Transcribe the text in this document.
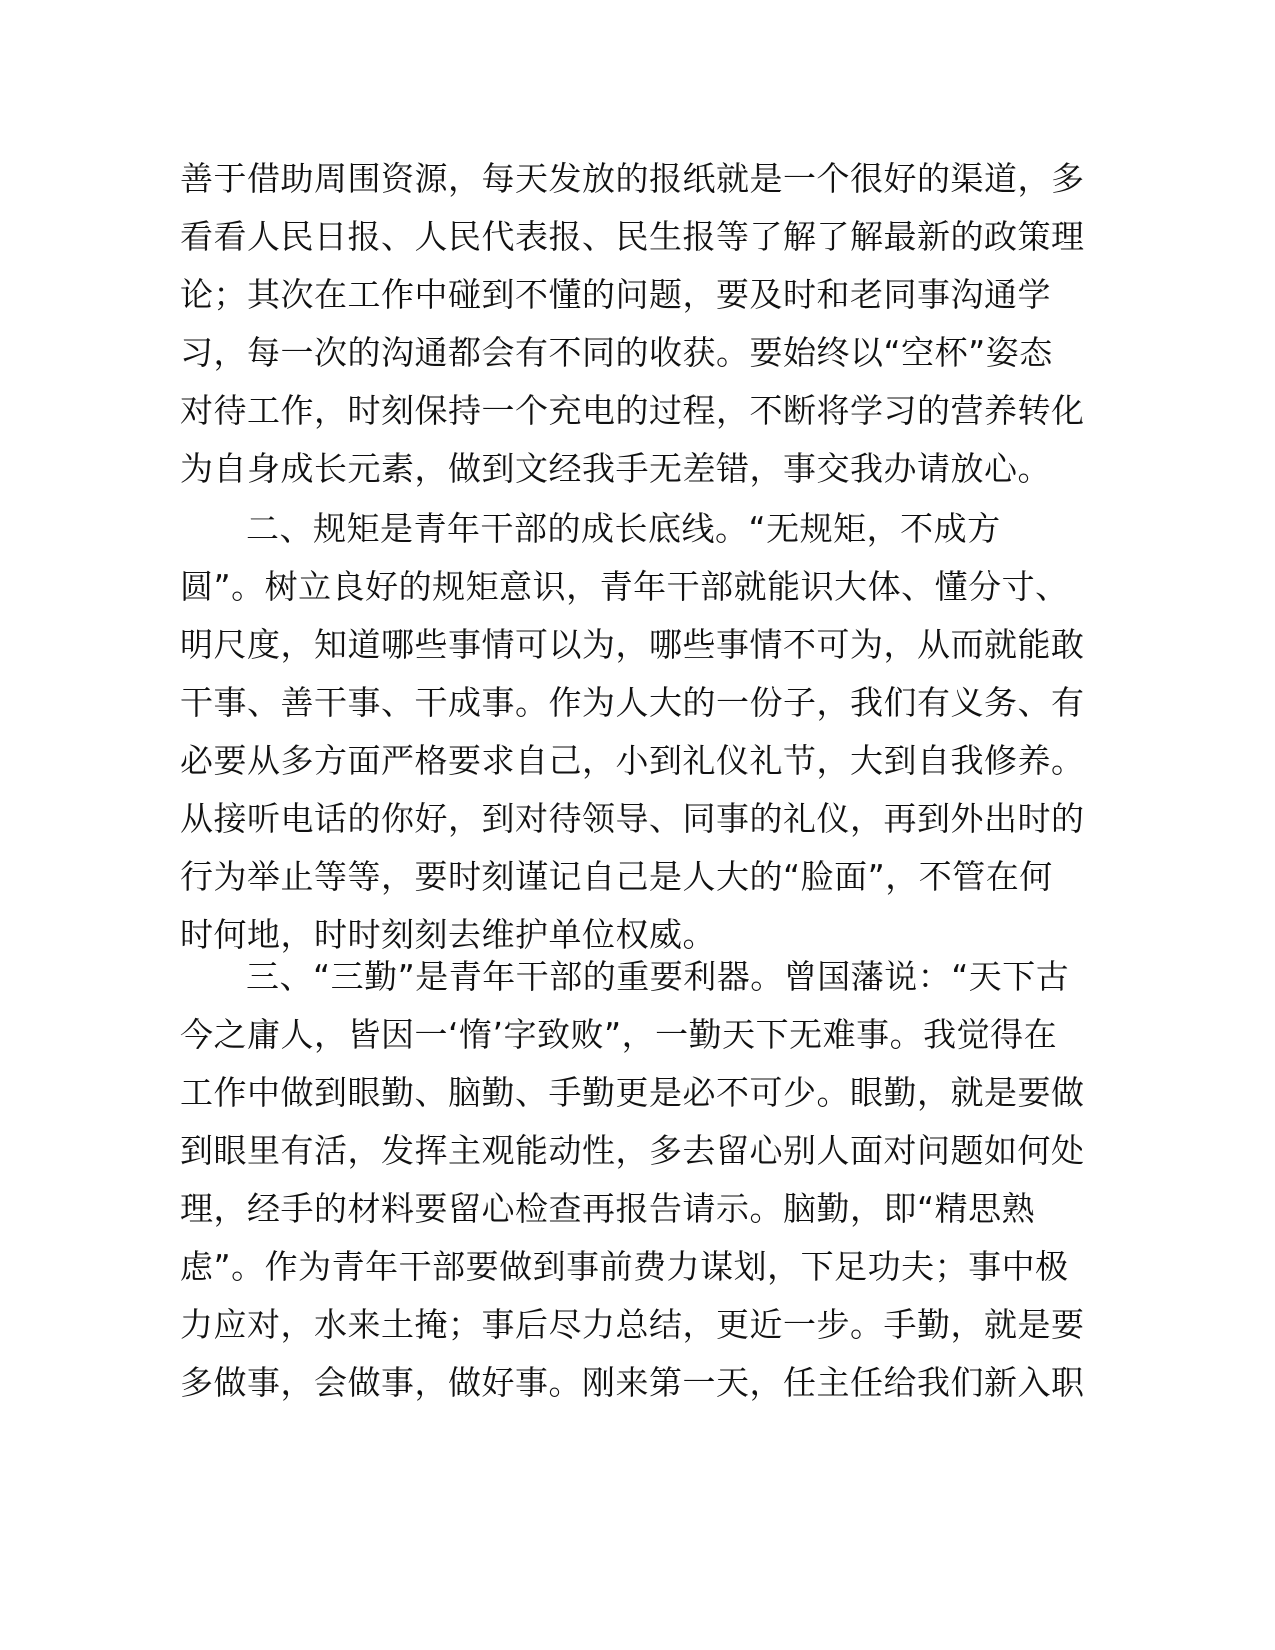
善于借助周围资源，每天发放的报纸就是一个很好的渠道，多
看看人民日报、人民代表报、民生报等了解了解最新的政策理
论；其次在工作中碰到不懂的问题，要及时和老同事沟通学
习，每一次的沟通都会有不同的收获。要始终以“空杯”姿态
对待工作，时刻保持一个充电的过程，不断将学习的营养转化
为自身成长元素，做到文经我手无差错，事交我办请放心。
二、规矩是青年干部的成长底线。“无规矩，不成方
圆”。树立良好的规矩意识，青年干部就能识大体、懂分寸、
明尺度，知道哪些事情可以为，哪些事情不可为，从而就能敢
干事、善干事、干成事。作为人大的一份子，我们有义务、有
必要从多方面严格要求自己，小到礼仪礼节，大到自我修养。
从接听电话的你好，到对待领导、同事的礼仪，再到外出时的
行为举止等等，要时刻谨记自己是人大的“脸面”，不管在何
时何地，时时刻刻去维护单位权威。
三、“三勤”是青年干部的重要利器。曾国藩说：“天下古
今之庸人，皆因一‘惰’字致败”，一勤天下无难事。我觉得在
工作中做到眼勤、脑勤、手勤更是必不可少。眼勤，就是要做
到眼里有活，发挥主观能动性，多去留心别人面对问题如何处
理，经手的材料要留心检查再报告请示。脑勤，即“精思熟
虑”。作为青年干部要做到事前费力谋划，下足功夫；事中极
力应对，水来土掩；事后尽力总结，更近一步。手勤，就是要
多做事，会做事，做好事。刚来第一天，任主任给我们新入职
